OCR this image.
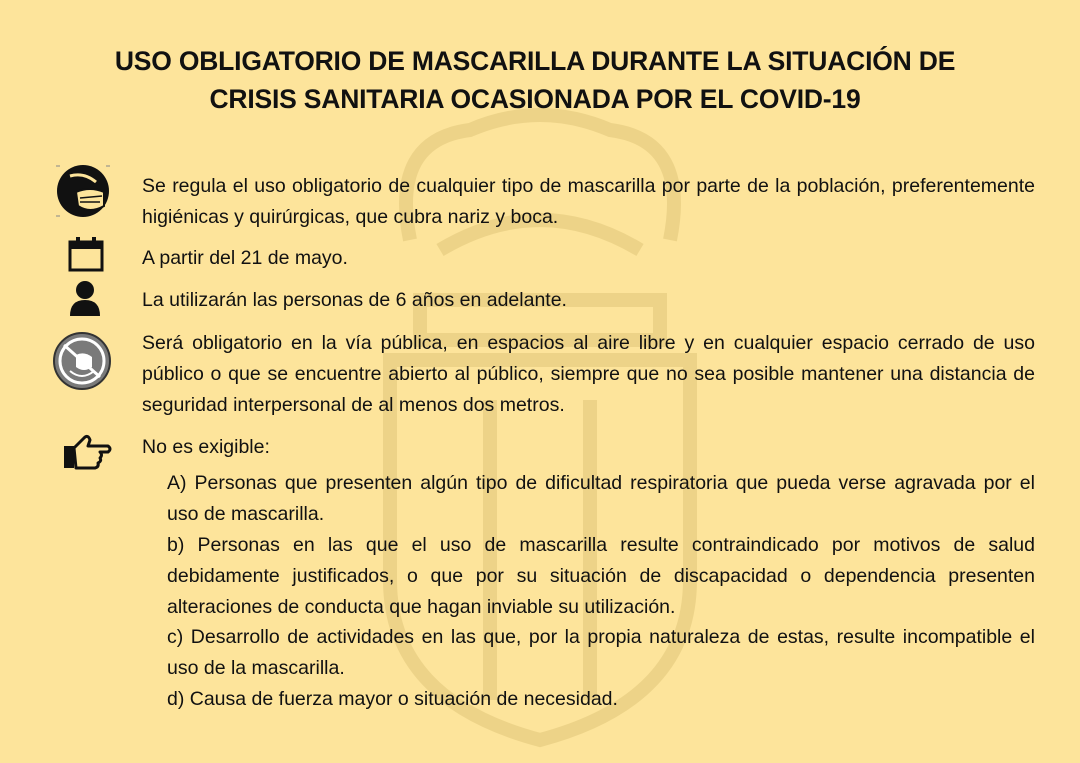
USO OBLIGATORIO DE MASCARILLA DURANTE LA SITUACIÓN DE
CRISIS SANITARIA OCASIONADA POR EL COVID-19
Se regula el uso obligatorio de cualquier tipo de mascarilla por parte de la población, preferentemente higiénicas y quirúrgicas, que cubra nariz y boca.
A partir del 21 de mayo.
La utilizarán las personas de 6 años en adelante.
Será obligatorio en la vía pública, en espacios al aire libre y en cualquier espacio cerrado de uso público o que se encuentre abierto al público, siempre que no sea posible mantener una distancia de seguridad interpersonal de al menos dos metros.
No es exigible:
A) Personas que presenten algún tipo de dificultad respiratoria que pueda verse agravada por el uso de mascarilla.
b) Personas en las que el uso de mascarilla resulte contraindicado por motivos de salud debidamente justificados, o que por su situación de discapacidad o dependencia presenten alteraciones de conducta que hagan inviable su utilización.
c) Desarrollo de actividades en las que, por la propia naturaleza de estas, resulte incompatible el uso de la mascarilla.
d) Causa de fuerza mayor o situación de necesidad.
